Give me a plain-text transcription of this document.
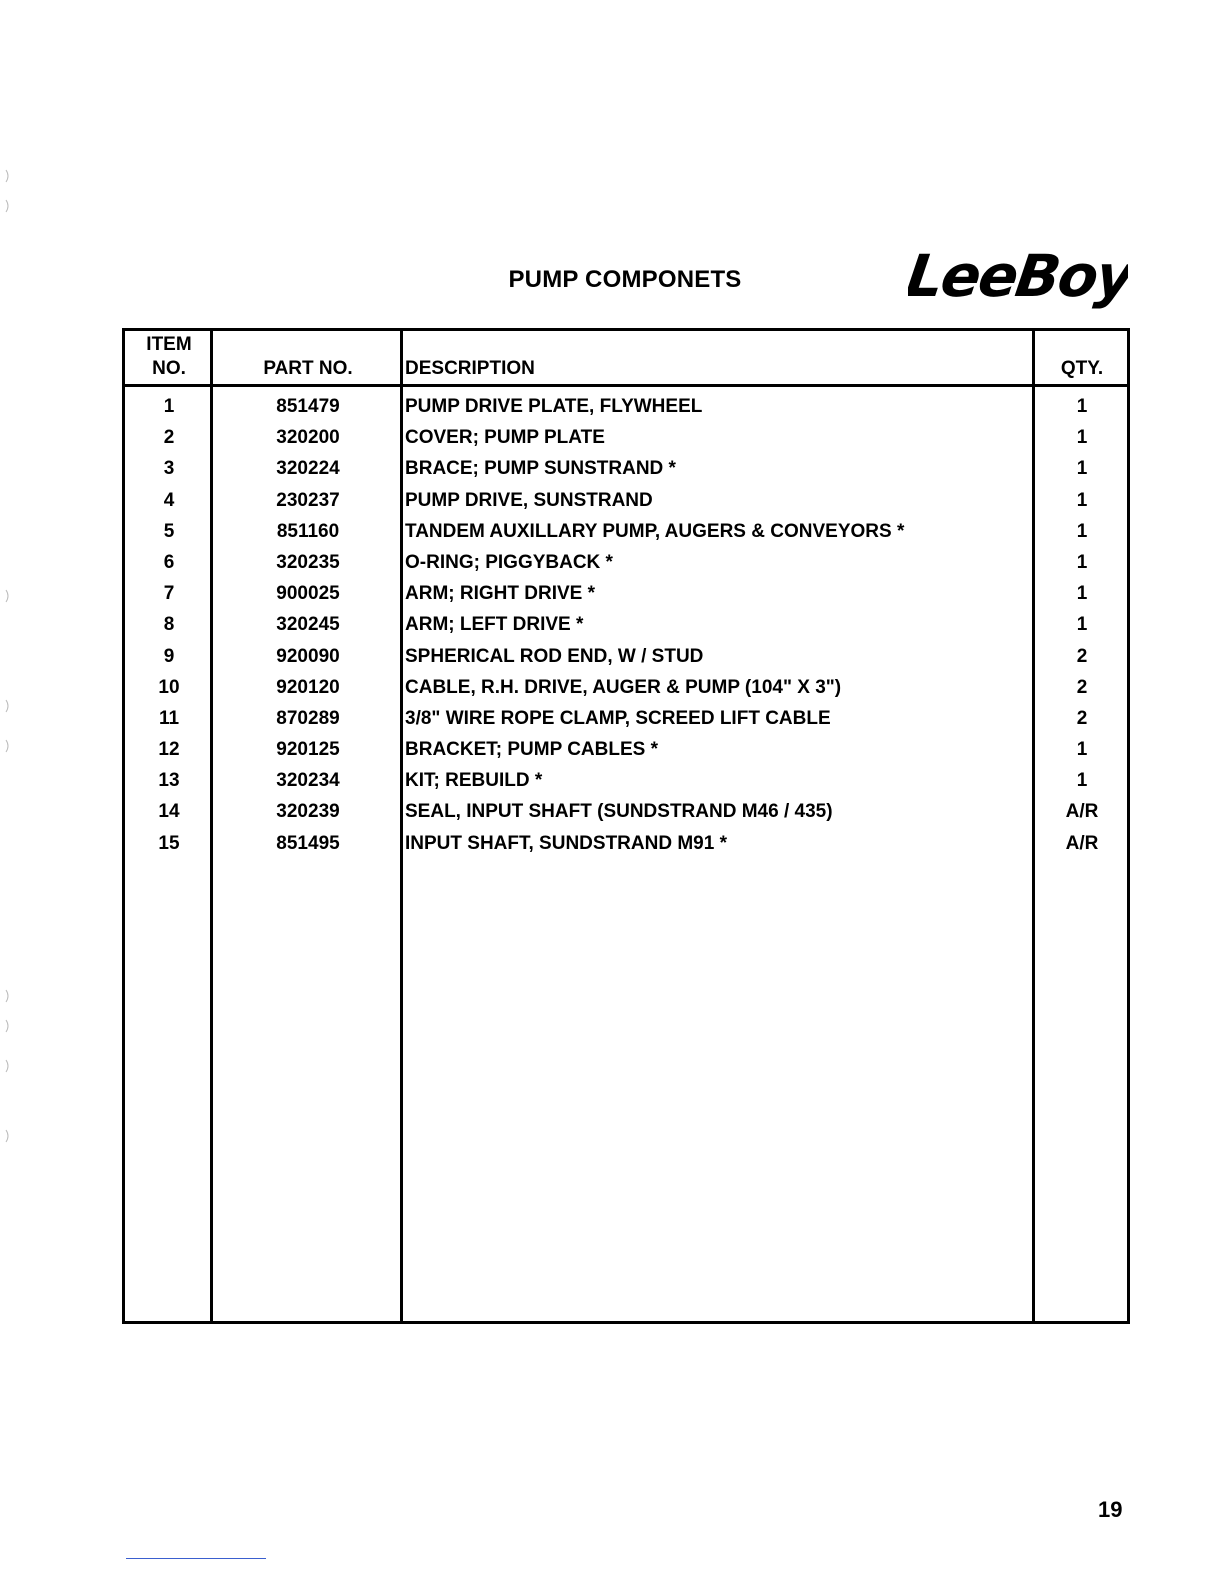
PUMP COMPONETS	LeeBoy
ITEM
NO.	PART NO.	DESCRIPTION	QTY.
1	851479	PUMP DRIVE PLATE, FLYWHEEL	1
2	320200	COVER; PUMP PLATE	1
3	320224	BRACE; PUMP SUNSTRAND *	1
4	230237	PUMP DRIVE, SUNSTRAND	1
5	851160	TANDEM AUXILLARY PUMP, AUGERS & CONVEYORS *	1
6	320235	O-RING; PIGGYBACK *	1
7	900025	ARM; RIGHT DRIVE *	1
8	320245	ARM; LEFT DRIVE *	1
9	920090	SPHERICAL ROD END, W / STUD	2
10	920120	CABLE, R.H. DRIVE, AUGER & PUMP (104" X 3")	2
11	870289	3/8" WIRE ROPE CLAMP, SCREED LIFT CABLE	2
12	920125	BRACKET; PUMP CABLES *	1
13	320234	KIT; REBUILD *	1
14	320239	SEAL, INPUT SHAFT (SUNDSTRAND M46 / 435)	A/R
15	851495	INPUT SHAFT, SUNDSTRAND M91 *	A/R
19
